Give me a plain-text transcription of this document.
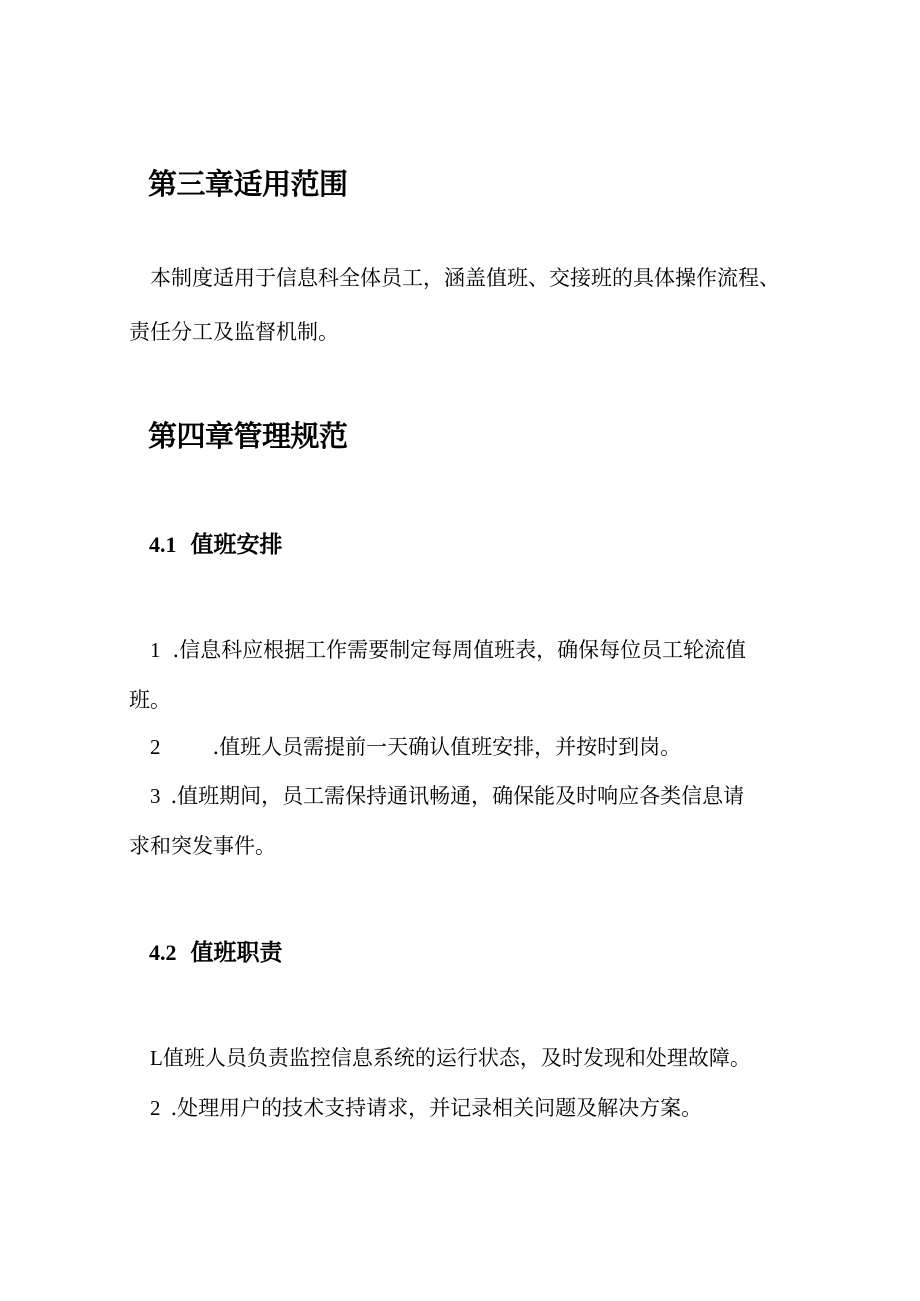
第三章适用范围

本制度适用于信息科全体员工，涵盖值班、交接班的具体操作流程、

责任分工及监督机制。

第四章管理规范
4.1 值班安排

1 .信息科应根据工作需要制定每周值班表，确保每位员工轮流值

班。

2 .值班人员需提前一天确认值班安排，并按时到岗。

3 .值班期间，员工需保持通讯畅通，确保能及时响应各类信息请

求和突发事件。

4.2 值班职责

L值班人员负责监控信息系统的运行状态，及时发现和处理故障。

2 .处理用户的技术支持请求，并记录相关问题及解决方案。
